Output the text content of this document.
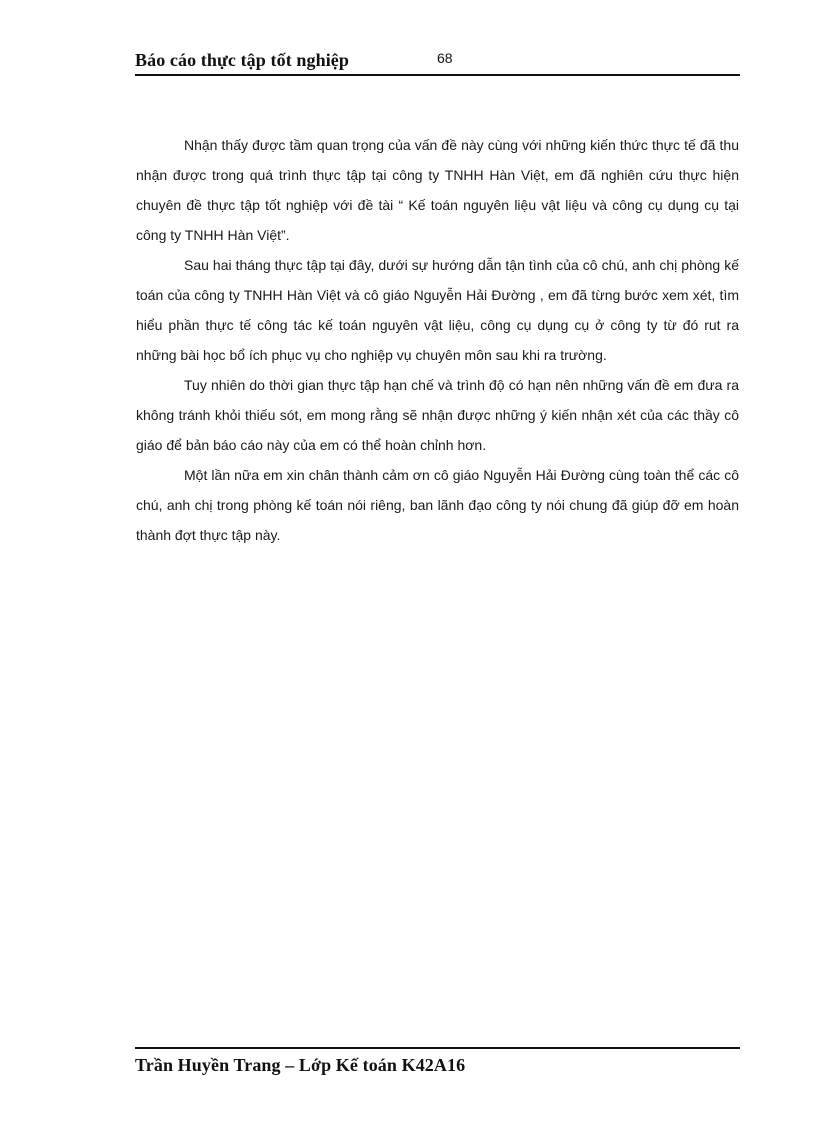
Báo cáo thực tập tốt nghiệp	68

Nhận thấy được tầm quan trọng của vấn đề này cùng với những kiến thức thực tế đã thu nhận được trong quá trình thực tập tại công ty TNHH Hàn Việt, em đã nghiên cứu thực hiện chuyên đề thực tập tốt nghiệp với đề tài “ Kế toán nguyên liệu vật liệu và công cụ dụng cụ tại công ty TNHH Hàn Việt”.

Sau hai tháng thực tập tại đây, dưới sự hướng dẫn tận tình của cô chú, anh chị phòng kế toán của công ty TNHH Hàn Việt và cô giáo Nguyễn Hải Đường , em đã từng bước xem xét, tìm hiểu phần thực tế công tác kế toán nguyên vật liệu, công cụ dụng cụ ở công ty từ đó rut ra những bài học bổ ích phục vụ cho nghiệp vụ chuyên môn sau khi ra trường.

Tuy nhiên do thời gian thực tập hạn chế và trình độ có hạn nên những vấn đề em đưa ra không tránh khỏi thiếu sót, em mong rằng sẽ nhận được những ý kiến nhận xét của các thầy cô giáo để bản báo cáo này của em có thể hoàn chỉnh hơn.

Một lần nữa em xin chân thành cảm ơn cô giáo Nguyễn Hải Đường cùng toàn thể các cô chú, anh chị trong phòng kế toán nói riêng, ban lãnh đạo công ty nói chung đã giúp đỡ em hoàn thành đợt thực tập này.

Trần Huyền Trang – Lớp Kế toán K42A16
